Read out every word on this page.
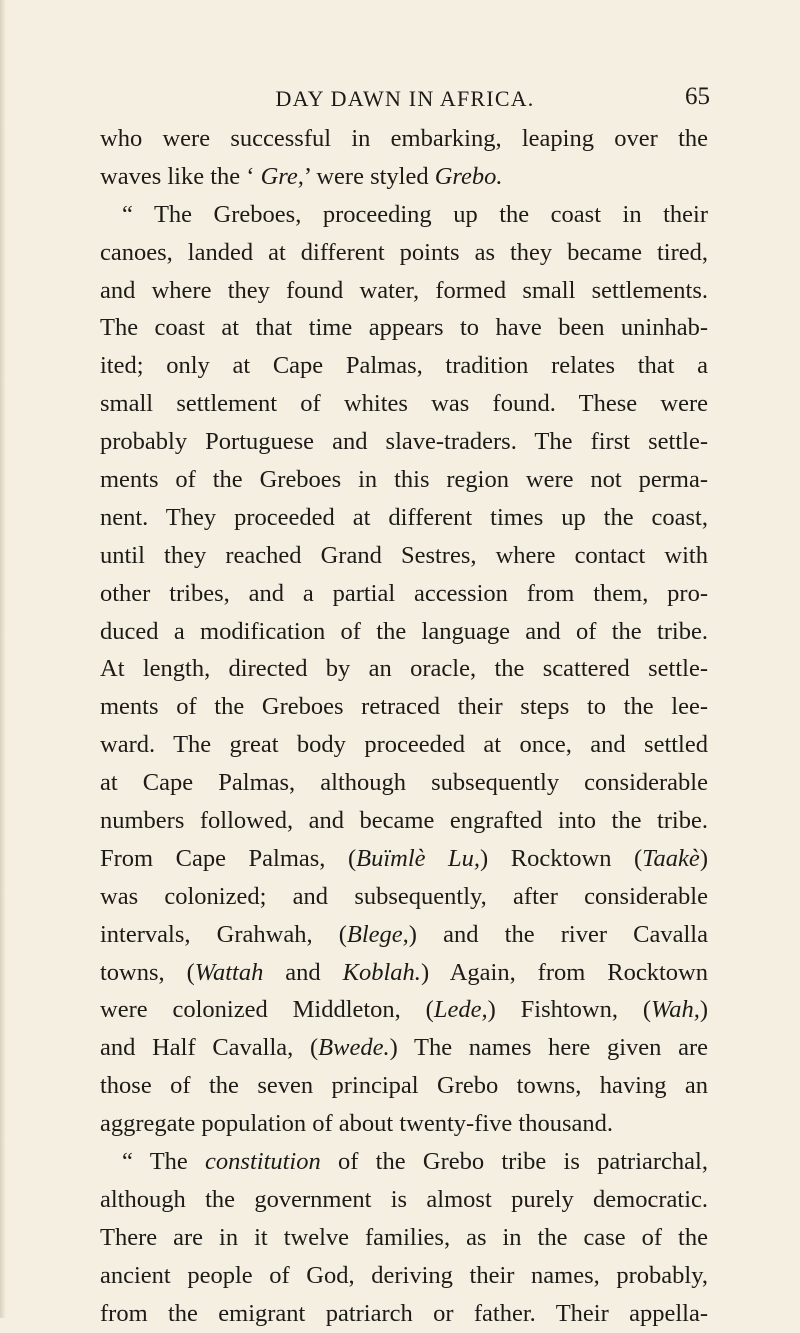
DAY DAWN IN AFRICA.	65
who were successful in embarking, leaping over the
waves like the ‘ Gre,’ were styled Grebo.
“ The Greboes, proceeding up the coast in their
canoes, landed at different points as they became tired,
and where they found water, formed small settlements.
The coast at that time appears to have been uninhab-
ited; only at Cape Palmas, tradition relates that a
small settlement of whites was found. These were
probably Portuguese and slave-traders. The first settle-
ments of the Greboes in this region were not perma-
nent. They proceeded at different times up the coast,
until they reached Grand Sestres, where contact with
other tribes, and a partial accession from them, pro-
duced a modification of the language and of the tribe.
At length, directed by an oracle, the scattered settle-
ments of the Greboes retraced their steps to the lee-
ward. The great body proceeded at once, and settled
at Cape Palmas, although subsequently considerable
numbers followed, and became engrafted into the tribe.
From Cape Palmas, (Buïmlè Lu,) Rocktown (Taakè)
was colonized; and subsequently, after considerable
intervals, Grahwah, (Blege,) and the river Cavalla
towns, (Wattah and Koblah.) Again, from Rocktown
were colonized Middleton, (Lede,) Fishtown, (Wah,)
and Half Cavalla, (Bwede.) The names here given are
those of the seven principal Grebo towns, having an
aggregate population of about twenty-five thousand.
“ The constitution of the Grebo tribe is patriarchal,
although the government is almost purely democratic.
There are in it twelve families, as in the case of the
ancient people of God, deriving their names, probably,
from the emigrant patriarch or father. Their appella-
